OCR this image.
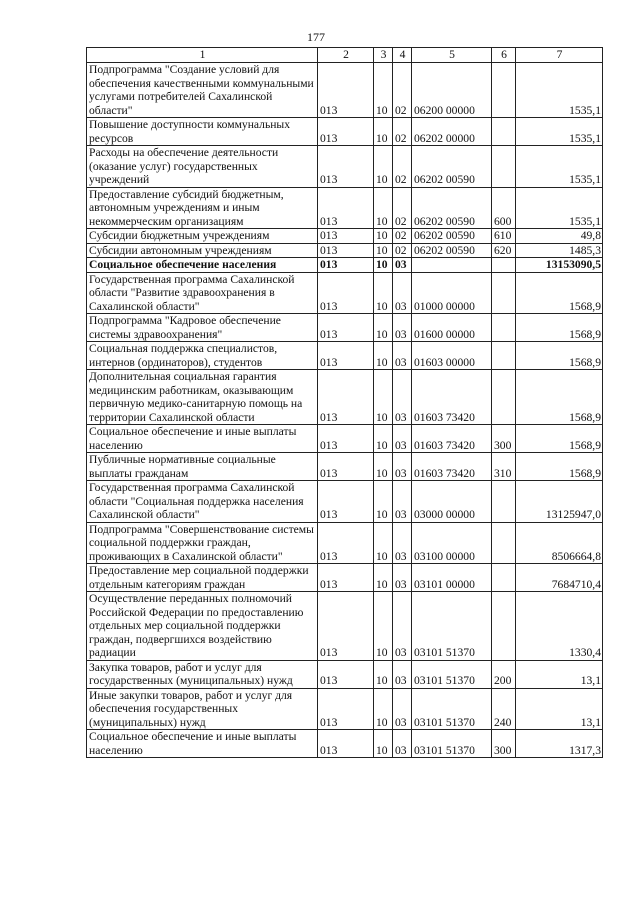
177
1	2	3	4	5	6	7
Подпрограмма "Создание условий для обеспечения качественными коммунальными услугами потребителей Сахалинской области"	013	10	02	06200 00000		1535,1
Повышение доступности коммунальных ресурсов	013	10	02	06202 00000		1535,1
Расходы на обеспечение деятельности (оказание услуг) государственных учреждений	013	10	02	06202 00590		1535,1
Предоставление субсидий бюджетным, автономным учреждениям и иным некоммерческим организациям	013	10	02	06202 00590	600	1535,1
Субсидии бюджетным учреждениям	013	10	02	06202 00590	610	49,8
Субсидии автономным учреждениям	013	10	02	06202 00590	620	1485,3
Социальное обеспечение населения	013	10	03			13153090,5
Государственная программа Сахалинской области "Развитие здравоохранения в Сахалинской области"	013	10	03	01000 00000		1568,9
Подпрограмма "Кадровое обеспечение системы здравоохранения"	013	10	03	01600 00000		1568,9
Социальная поддержка специалистов, интернов (ординаторов), студентов	013	10	03	01603 00000		1568,9
Дополнительная социальная гарантия медицинским работникам, оказывающим первичную медико-санитарную помощь на территории Сахалинской области	013	10	03	01603 73420		1568,9
Социальное обеспечение и иные выплаты населению	013	10	03	01603 73420	300	1568,9
Публичные нормативные социальные выплаты гражданам	013	10	03	01603 73420	310	1568,9
Государственная программа Сахалинской области "Социальная поддержка населения Сахалинской области"	013	10	03	03000 00000		13125947,0
Подпрограмма "Совершенствование системы социальной поддержки граждан, проживающих в Сахалинской области"	013	10	03	03100 00000		8506664,8
Предоставление мер социальной поддержки отдельным категориям граждан	013	10	03	03101 00000		7684710,4
Осуществление переданных полномочий Российской Федерации по предоставлению отдельных мер социальной поддержки граждан, подвергшихся воздействию радиации	013	10	03	03101 51370		1330,4
Закупка товаров, работ и услуг для государственных (муниципальных) нужд	013	10	03	03101 51370	200	13,1
Иные закупки товаров, работ и услуг для обеспечения государственных (муниципальных) нужд	013	10	03	03101 51370	240	13,1
Социальное обеспечение и иные выплаты населению	013	10	03	03101 51370	300	1317,3
